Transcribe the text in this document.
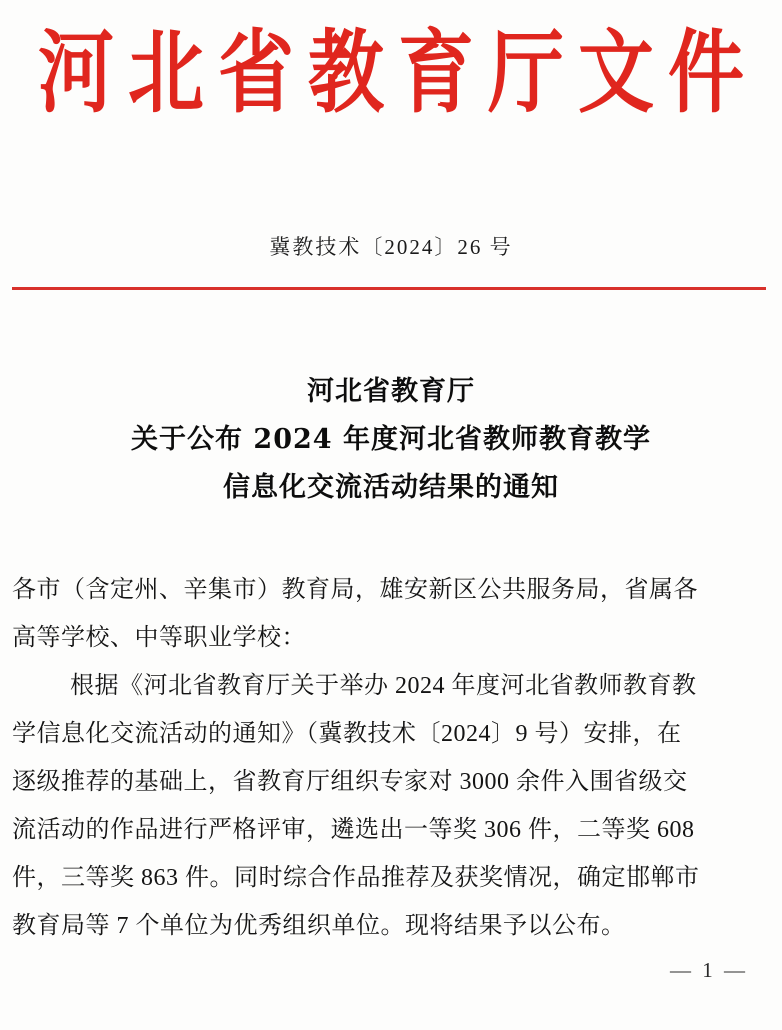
河北省教育厅文件
冀教技术〔2024〕26 号
河北省教育厅
关于公布 2024 年度河北省教师教育教学
信息化交流活动结果的通知
各市（含定州、辛集市）教育局，雄安新区公共服务局，省属各
高等学校、中等职业学校：
根据《河北省教育厅关于举办 2024 年度河北省教师教育教
学信息化交流活动的通知》（冀教技术〔2024〕9 号）安排，在
逐级推荐的基础上，省教育厅组织专家对 3000 余件入围省级交
流活动的作品进行严格评审，遴选出一等奖 306 件，二等奖 608
件，三等奖 863 件。同时综合作品推荐及获奖情况，确定邯郸市
教育局等 7 个单位为优秀组织单位。现将结果予以公布。
— 1 —
